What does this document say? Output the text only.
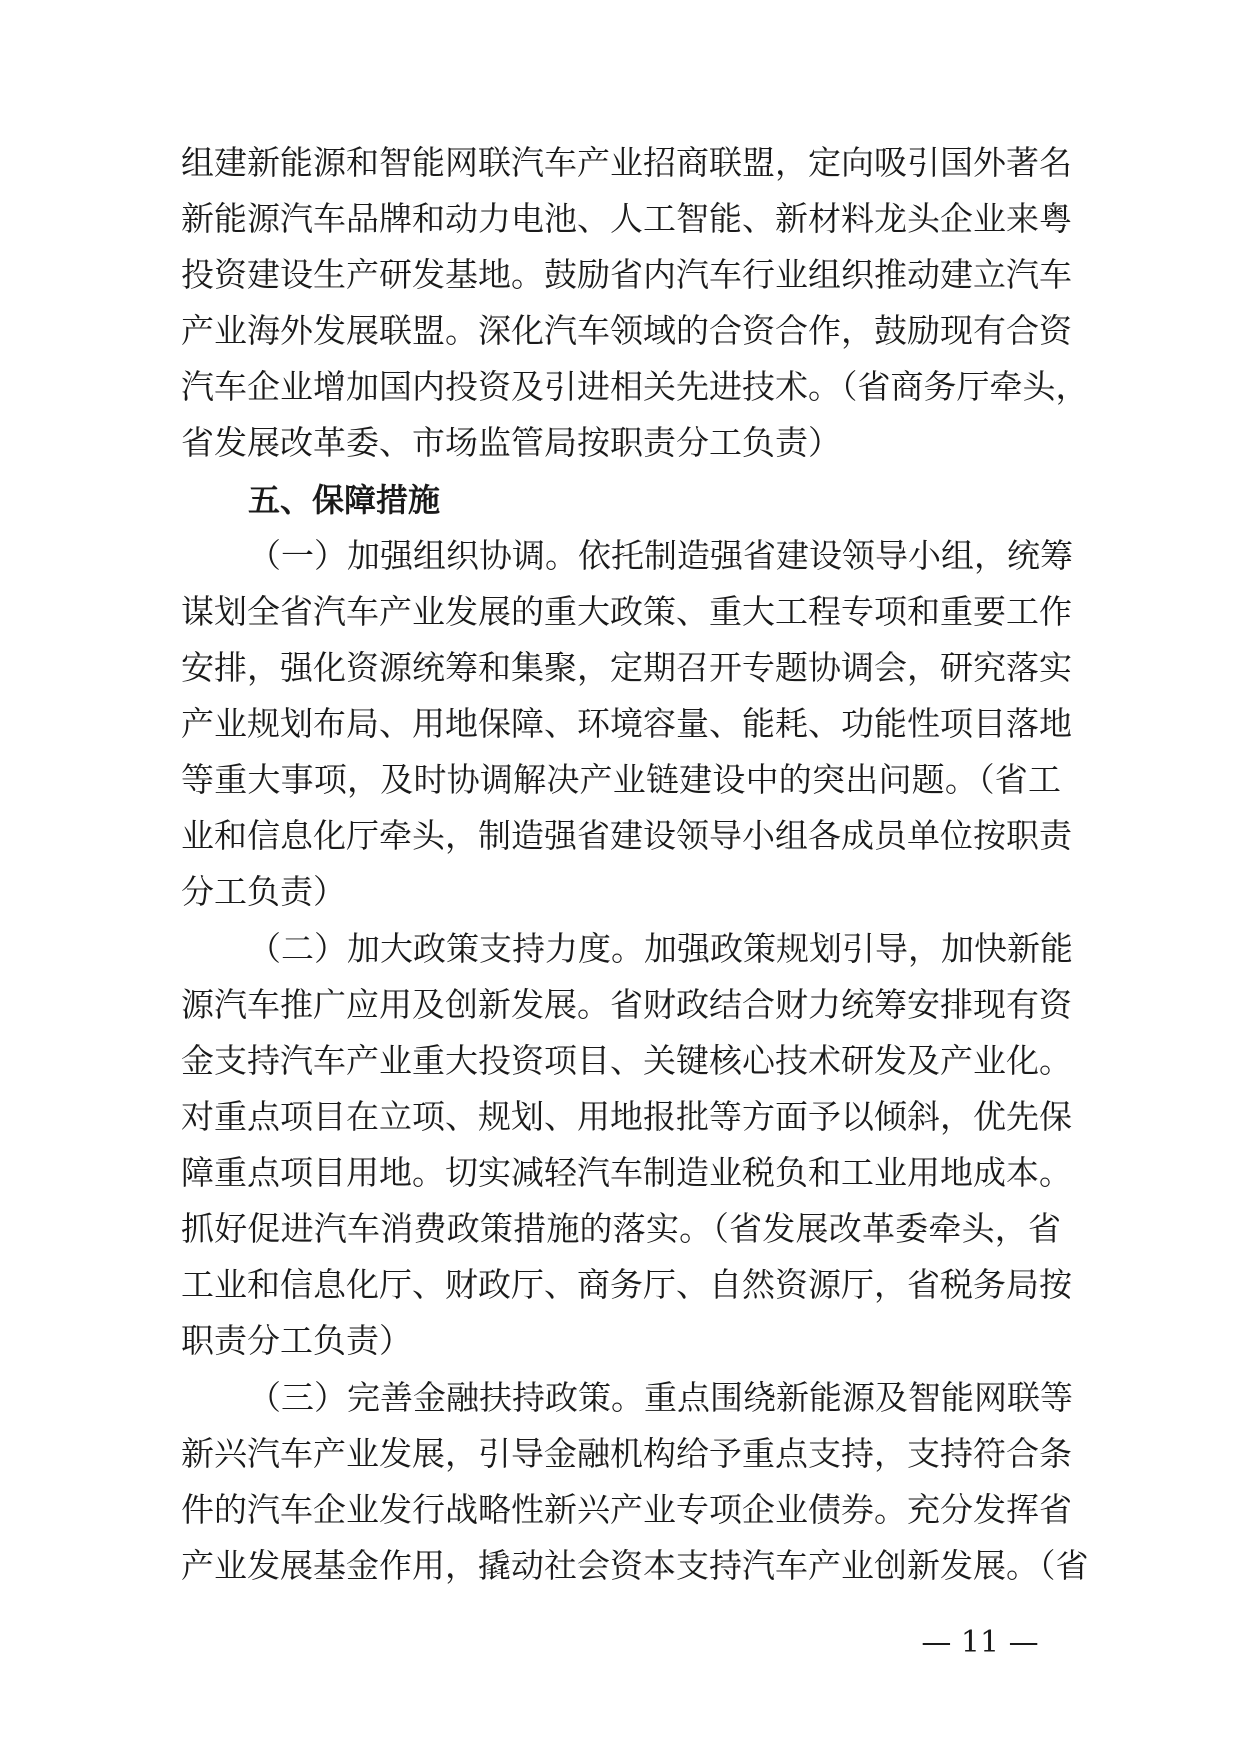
组建新能源和智能网联汽车产业招商联盟，定向吸引国外著名
新能源汽车品牌和动力电池、人工智能、新材料龙头企业来粤
投资建设生产研发基地。鼓励省内汽车行业组织推动建立汽车
产业海外发展联盟。深化汽车领域的合资合作，鼓励现有合资
汽车企业增加国内投资及引进相关先进技术。（省商务厅牵头，
省发展改革委、市场监管局按职责分工负责）
五、保障措施
（一）加强组织协调。依托制造强省建设领导小组，统筹
谋划全省汽车产业发展的重大政策、重大工程专项和重要工作
安排，强化资源统筹和集聚，定期召开专题协调会，研究落实
产业规划布局、用地保障、环境容量、能耗、功能性项目落地
等重大事项，及时协调解决产业链建设中的突出问题。（省工
业和信息化厅牵头，制造强省建设领导小组各成员单位按职责
分工负责）
（二）加大政策支持力度。加强政策规划引导，加快新能
源汽车推广应用及创新发展。省财政结合财力统筹安排现有资
金支持汽车产业重大投资项目、关键核心技术研发及产业化。
对重点项目在立项、规划、用地报批等方面予以倾斜，优先保
障重点项目用地。切实减轻汽车制造业税负和工业用地成本。
抓好促进汽车消费政策措施的落实。（省发展改革委牵头，省
工业和信息化厅、财政厅、商务厅、自然资源厅，省税务局按
职责分工负责）
（三）完善金融扶持政策。重点围绕新能源及智能网联等
新兴汽车产业发展，引导金融机构给予重点支持，支持符合条
件的汽车企业发行战略性新兴产业专项企业债券。充分发挥省
产业发展基金作用，撬动社会资本支持汽车产业创新发展。（省
— 11 —
